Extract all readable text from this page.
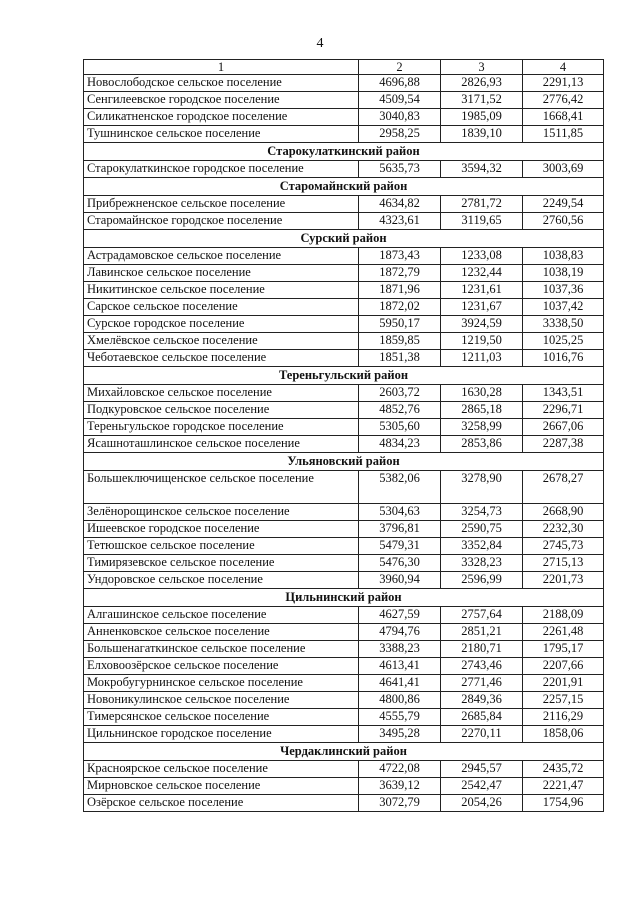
4
1	2	3	4
Новослободское сельское поселение	4696,88	2826,93	2291,13
Сенгилеевское городское поселение	4509,54	3171,52	2776,42
Силикатненское городское поселение	3040,83	1985,09	1668,41
Тушнинское сельское поселение	2958,25	1839,10	1511,85
Старокулаткинский район			
Старокулаткинское городское поселение	5635,73	3594,32	3003,69
Старомайнский район			
Прибрежненское сельское поселение	4634,82	2781,72	2249,54
Старомайнское городское поселение	4323,61	3119,65	2760,56
Сурский район			
Астрадамовское сельское поселение	1873,43	1233,08	1038,83
Лавинское сельское поселение	1872,79	1232,44	1038,19
Никитинское сельское поселение	1871,96	1231,61	1037,36
Сарское сельское поселение	1872,02	1231,67	1037,42
Сурское городское поселение	5950,17	3924,59	3338,50
Хмелёвское сельское поселение	1859,85	1219,50	1025,25
Чеботаевское сельское поселение	1851,38	1211,03	1016,76
Тереньгульский район			
Михайловское сельское поселение	2603,72	1630,28	1343,51
Подкуровское сельское поселение	4852,76	2865,18	2296,71
Тереньгульское городское поселение	5305,60	3258,99	2667,06
Ясашноташлинское сельское поселение	4834,23	2853,86	2287,38
Ульяновский район			
Большеключищенское сельское поселение	5382,06	3278,90	2678,27
Зелёнорощинское сельское поселение	5304,63	3254,73	2668,90
Ишеевское городское поселение	3796,81	2590,75	2232,30
Тетюшское сельское поселение	5479,31	3352,84	2745,73
Тимирязевское сельское поселение	5476,30	3328,23	2715,13
Ундоровское сельское поселение	3960,94	2596,99	2201,73
Цильнинский район			
Алгашинское сельское поселение	4627,59	2757,64	2188,09
Анненковское сельское поселение	4794,76	2851,21	2261,48
Большенагаткинское сельское поселение	3388,23	2180,71	1795,17
Елховоозёрское сельское поселение	4613,41	2743,46	2207,66
Мокробугурнинское сельское поселение	4641,41	2771,46	2201,91
Новоникулинское сельское поселение	4800,86	2849,36	2257,15
Тимерсянское сельское поселение	4555,79	2685,84	2116,29
Цильнинское городское поселение	3495,28	2270,11	1858,06
Чердаклинский район			
Красноярское сельское поселение	4722,08	2945,57	2435,72
Мирновское сельское поселение	3639,12	2542,47	2221,47
Озёрское сельское поселение	3072,79	2054,26	1754,96
